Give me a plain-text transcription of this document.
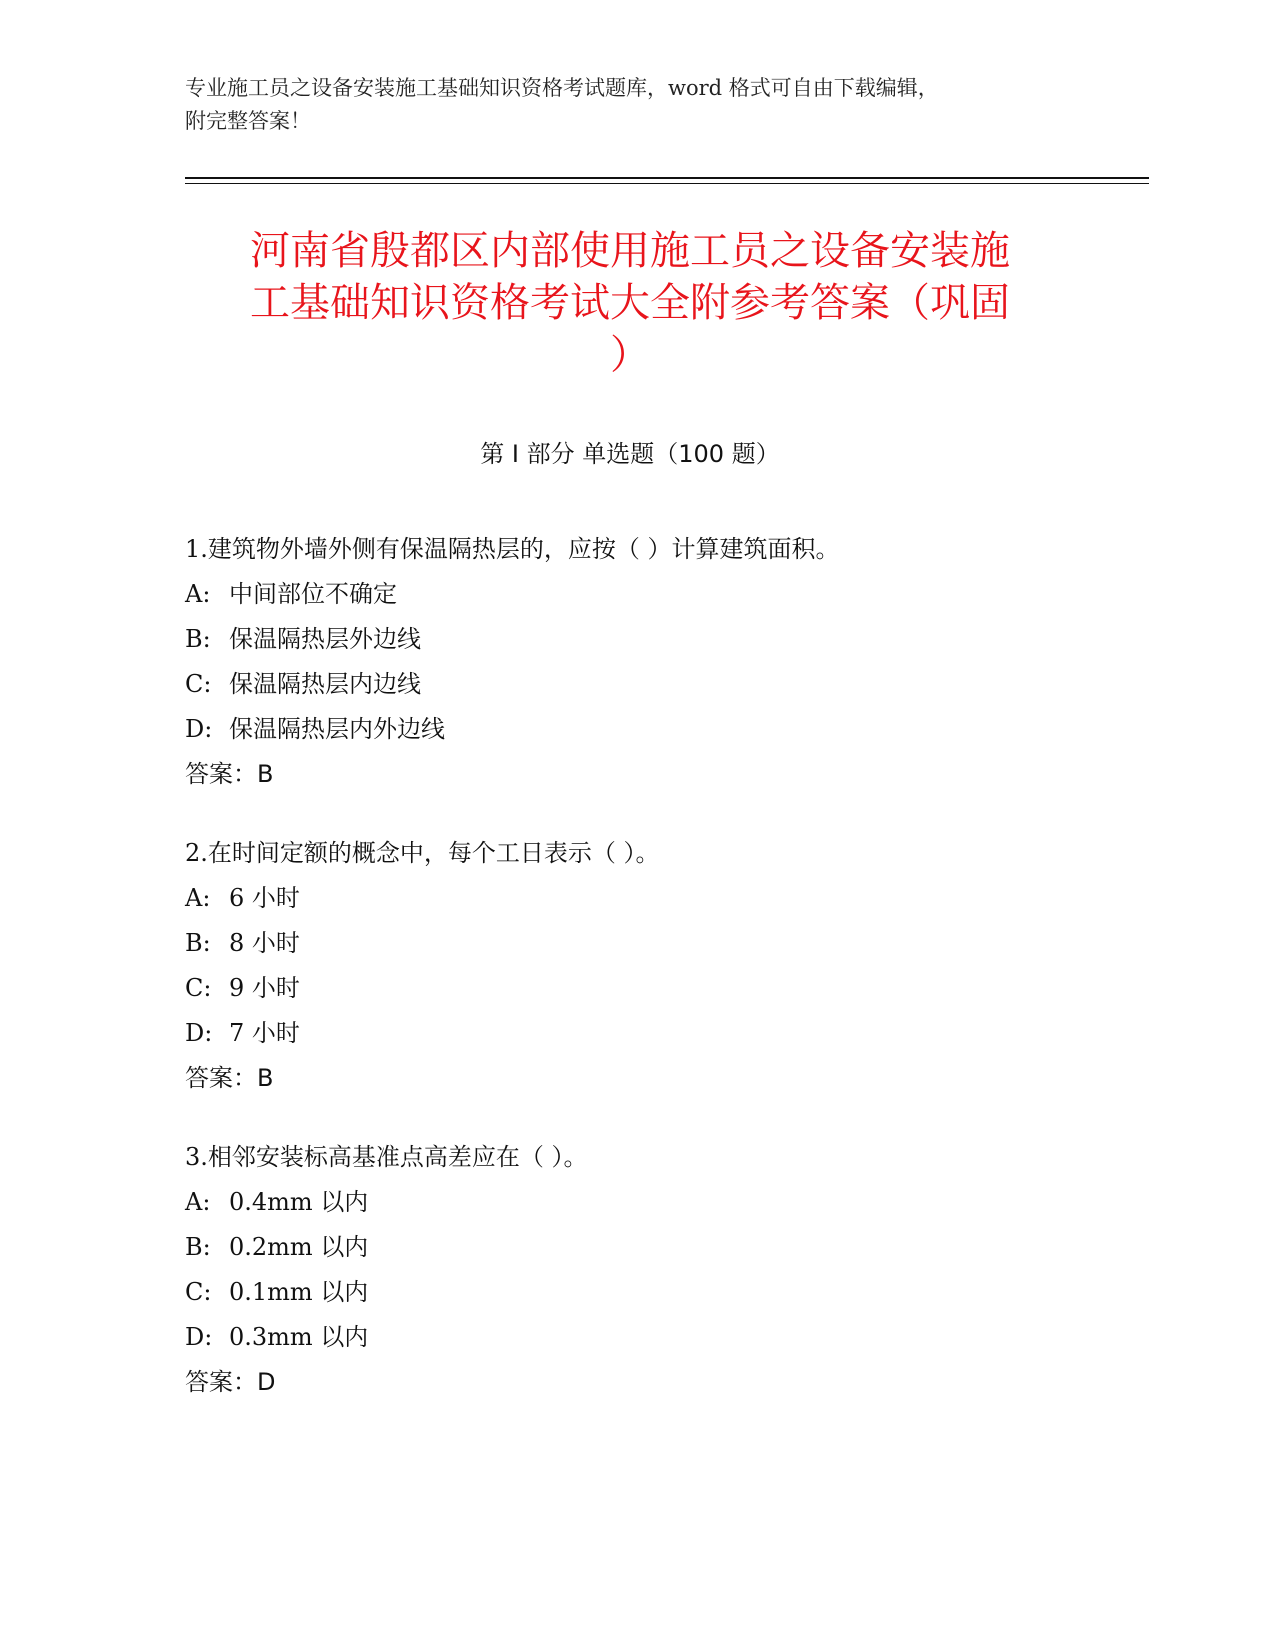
专业施工员之设备安装施工基础知识资格考试题库，word 格式可自由下载编辑，
附完整答案！
河南省殷都区内部使用施工员之设备安装施
工基础知识资格考试大全附参考答案（巩固
）
第 I 部分 单选题（100 题）
1.建筑物外墙外侧有保温隔热层的，应按（ ）计算建筑面积。
A: 中间部位不确定
B: 保温隔热层外边线
C: 保温隔热层内边线
D: 保温隔热层内外边线
答案：B
2.在时间定额的概念中，每个工日表示（ ）。
A: 6 小时
B: 8 小时
C: 9 小时
D: 7 小时
答案：B
3.相邻安装标高基准点高差应在（ ）。
A: 0.4mm 以内
B: 0.2mm 以内
C: 0.1mm 以内
D: 0.3mm 以内
答案：D
